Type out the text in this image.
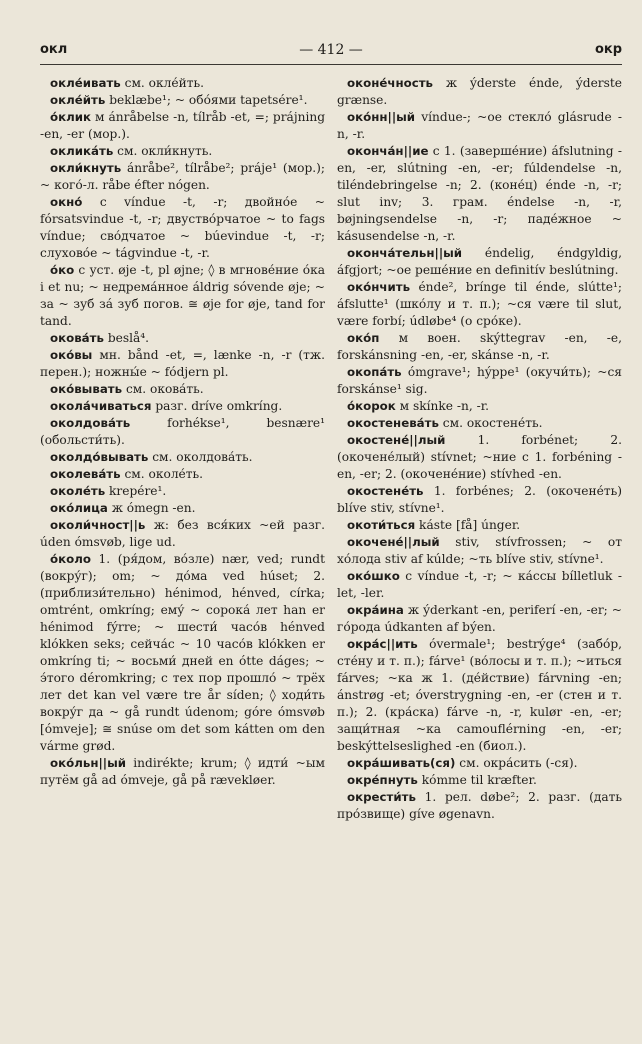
окл	— 412 —	окр
окле́ивать см. окле́йть.
окле́йть beklæbe¹; ~ обо́ями tapetsére¹.
о́клик м ánråbelse -n, tílråb -et, =; prájning -en, -er (мор.).
окликáть см. окли́кнуть.
окли́кнуть ánråbe², tílråbe²; práje¹ (мор.); ~ кого́-л. råbe éfter nógen.
окно́ с víndue -t, -r; двойно́е ~ fórsatsvindue -t, -r; двуство́рчатое ~ to fags víndue; сво́дчатое ~ búevindue -t, -r; слухово́е ~ tágvindue -t, -r.
о́ко с уст. øje -t, pl øjne; ◊ в мгнове́ние о́ка i et nu; ~ недрема́нное áldrig sóvende øje; ~ за ~ зуб зá зуб погов. ≅ øje for øje, tand for tand.
окова́ть beslå⁴.
око́вы мн. bånd -et, =, lænke -n, -r (тж. перен.); ножны́е ~ fódjern pl.
око́вывать см. окова́ть.
окола́чиваться разг. dríve omkríng.
околдова́ть forhékse¹, besnære¹ (обольсти́ть).
околдо́вывать см. околдова́ть.
околева́ть см. околе́ть.
околе́ть krepére¹.
око́лица ж ómegn -en.
околи́чност||ь ж: без вся́ких ~ей разг. úden ómsvøb, lige ud.
о́коло 1. (ря́дом, во́зле) nær, ved; rundt (вокру́г); om; ~ до́ма ved húset; 2. (приблизи́тельно) hénimod, hénved, círka; omtrént, omkríng; ему́ ~ сорока́ лет han er hénimod fýrre; ~ шести́ часо́в hénved klókken seks; сейча́с ~ 10 часо́в klókken er omkríng ti; ~ восьми́ дней en ótte dáges; ~ э́того déromkring; с тех пор прошло́ ~ трёх лет det kan vel være tre år síden; ◊ ходи́ть вокру́г да ~ gå rundt údenom; góre ómsvøb [ómveje]; ≅ snúse om det som kátten om den várme grød.
око́льн||ый indirékte; krum; ◊ идти́ ~ым путём gå ad ómveje, gå på rævekløer.
оконе́чность ж ýderste énde, ýderste grænse.
око́нн||ый víndue-; ~ое стекло́ glásrude -n, -r.
оконча́н||ие с 1. (заверше́ние) áfslutning -en, -er, slútning -en, -er; fúldendelse -n, tiléndebringelse -n; 2. (коне́ц) énde -n, -r; slut inv; 3. грам. éndelse -n, -r, bøjningsendelse -n, -r; паде́жное ~ kásusendelse -n, -r.
оконча́тельн||ый éndelig, éndgyldig, áfgjort; ~ое реше́ние en definitív beslútning.
око́нчить énde², brínge til énde, slútte¹; áfslutte¹ (шко́лу и т. п.); ~ся være til slut, være forbí; údløbe⁴ (о сро́ке).
око́п м воен. skýttegrav -en, -e, forskánsning -en, -er, skánse -n, -r.
окопа́ть ómgrave¹; hýppe¹ (окучи́ть); ~ся forskánse¹ sig.
о́корок м skínke -n, -r.
окостенева́ть см. окостене́ть.
окостене́||лый 1. forbénet; 2. (окочене́лый) stívnet; ~ние с 1. forbéning -en, -er; 2. (окочене́ние) stívhed -en.
окостене́ть 1. forbénes; 2. (окочене́ть) blíve stiv, stívne¹.
окоти́ться káste [få] únger.
окочене́||лый stiv, stívfrossen; ~ от хо́лода stiv af kúlde; ~ть blíve stiv, stívne¹.
око́шко с víndue -t, -r; ~ ка́ссы bílletluk -let, -ler.
окра́ина ж ýderkant -en, periferí -en, -er; ~ го́рода údkanten af býen.
окра́с||ить óvermale¹; bestrýge⁴ (забо́р, сте́ну и т. п.); fárve¹ (во́лосы и т. п.); ~иться fárves; ~ка ж 1. (де́йствие) fárvning -en; ánstrøg -et; óverstrygning -en, -er (стен и т. п.); 2. (кра́ска) fárve -n, -r, kulør -en, -er; защи́тная ~ка camouflérning -en, -er; beskýttelseslighed -en (биол.).
окра́шивать(ся) см. окра́сить (-ся).
окре́пнуть kómme til kræfter.
окрести́ть 1. рел. døbe²; 2. разг. (дать про́звище) gíve øgenavn.
